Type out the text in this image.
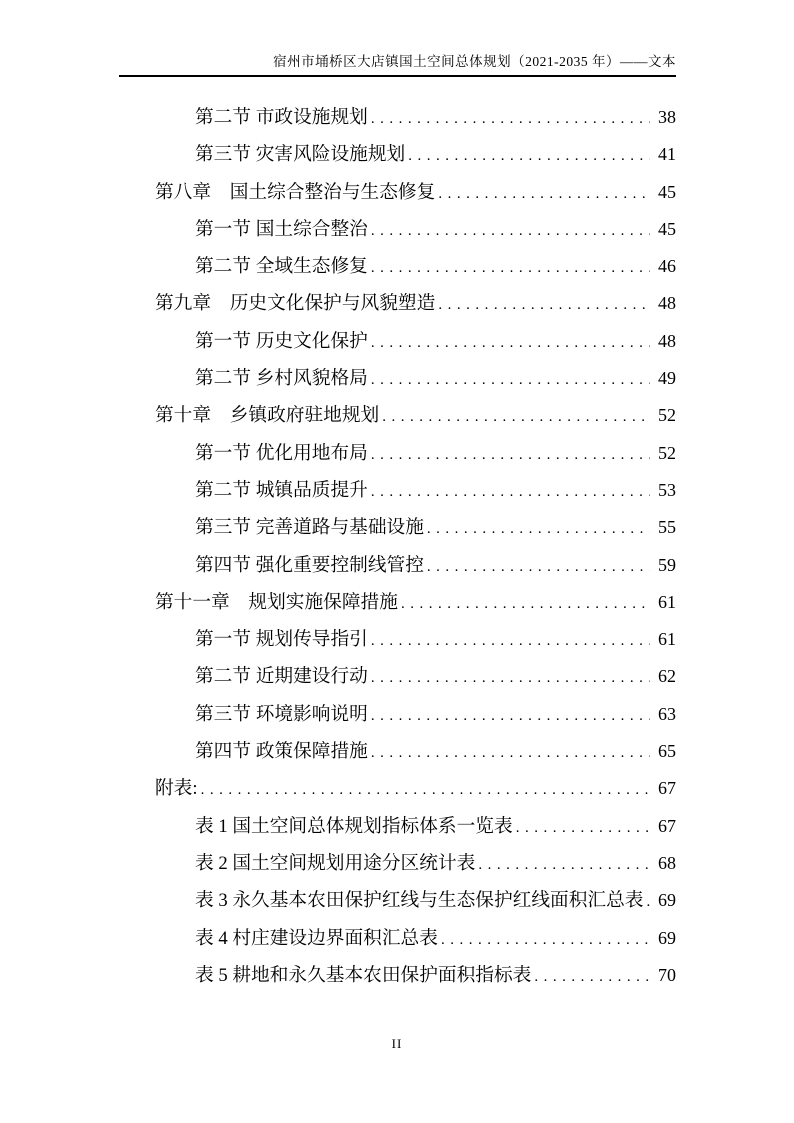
宿州市埇桥区大店镇国土空间总体规划（2021-2035 年）——文本
第二节 市政设施规划 .....	38
第三节 灾害风险设施规划 .....	41
第八章　国土综合整治与生态修复 .....	45
第一节 国土综合整治 .....	45
第二节 全域生态修复 .....	46
第九章　历史文化保护与风貌塑造 .....	48
第一节 历史文化保护 .....	48
第二节 乡村风貌格局 .....	49
第十章　乡镇政府驻地规划 .....	52
第一节 优化用地布局 .....	52
第二节 城镇品质提升 .....	53
第三节 完善道路与基础设施 .....	55
第四节 强化重要控制线管控 .....	59
第十一章　规划实施保障措施 .....	61
第一节 规划传导指引 .....	61
第二节 近期建设行动 .....	62
第三节 环境影响说明 .....	63
第四节 政策保障措施 .....	65
附表: .....	67
表 1 国土空间总体规划指标体系一览表 .....	67
表 2 国土空间规划用途分区统计表 .....	68
表 3 永久基本农田保护红线与生态保护红线面积汇总表 ..... 69
表 4 村庄建设边界面积汇总表 .....	69
表 5 耕地和永久基本农田保护面积指标表 .....	70
II
